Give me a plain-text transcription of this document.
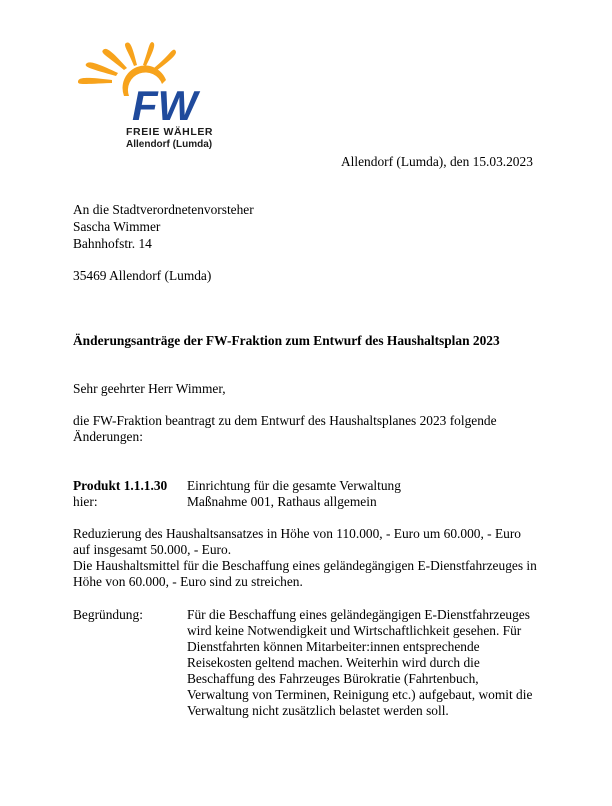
FW
FREIE WÄHLER
Allendorf (Lumda)
Allendorf (Lumda), den 15.03.2023
An die Stadtverordnetenvorsteher
Sascha Wimmer
Bahnhofstr. 14
35469 Allendorf (Lumda)
Änderungsanträge der FW-Fraktion zum Entwurf des Haushaltsplan 2023
Sehr geehrter Herr Wimmer,
die FW-Fraktion beantragt zu dem Entwurf des Haushaltsplanes 2023 folgende
Änderungen:
Produkt 1.1.1.30 Einrichtung für die gesamte Verwaltung
hier:	Maßnahme 001, Rathaus allgemein
Reduzierung des Haushaltsansatzes in Höhe von 110.000, - Euro um 60.000, - Euro
auf insgesamt 50.000, - Euro.
Die Haushaltsmittel für die Beschaffung eines geländegängigen E-Dienstfahrzeuges in
Höhe von 60.000, - Euro sind zu streichen.
Begründung:	Für die Beschaffung eines geländegängigen E-Dienstfahrzeuges
wird keine Notwendigkeit und Wirtschaftlichkeit gesehen. Für
Dienstfahrten können Mitarbeiter:innen entsprechende
Reisekosten geltend machen. Weiterhin wird durch die
Beschaffung des Fahrzeuges Bürokratie (Fahrtenbuch,
Verwaltung von Terminen, Reinigung etc.) aufgebaut, womit die
Verwaltung nicht zusätzlich belastet werden soll.
